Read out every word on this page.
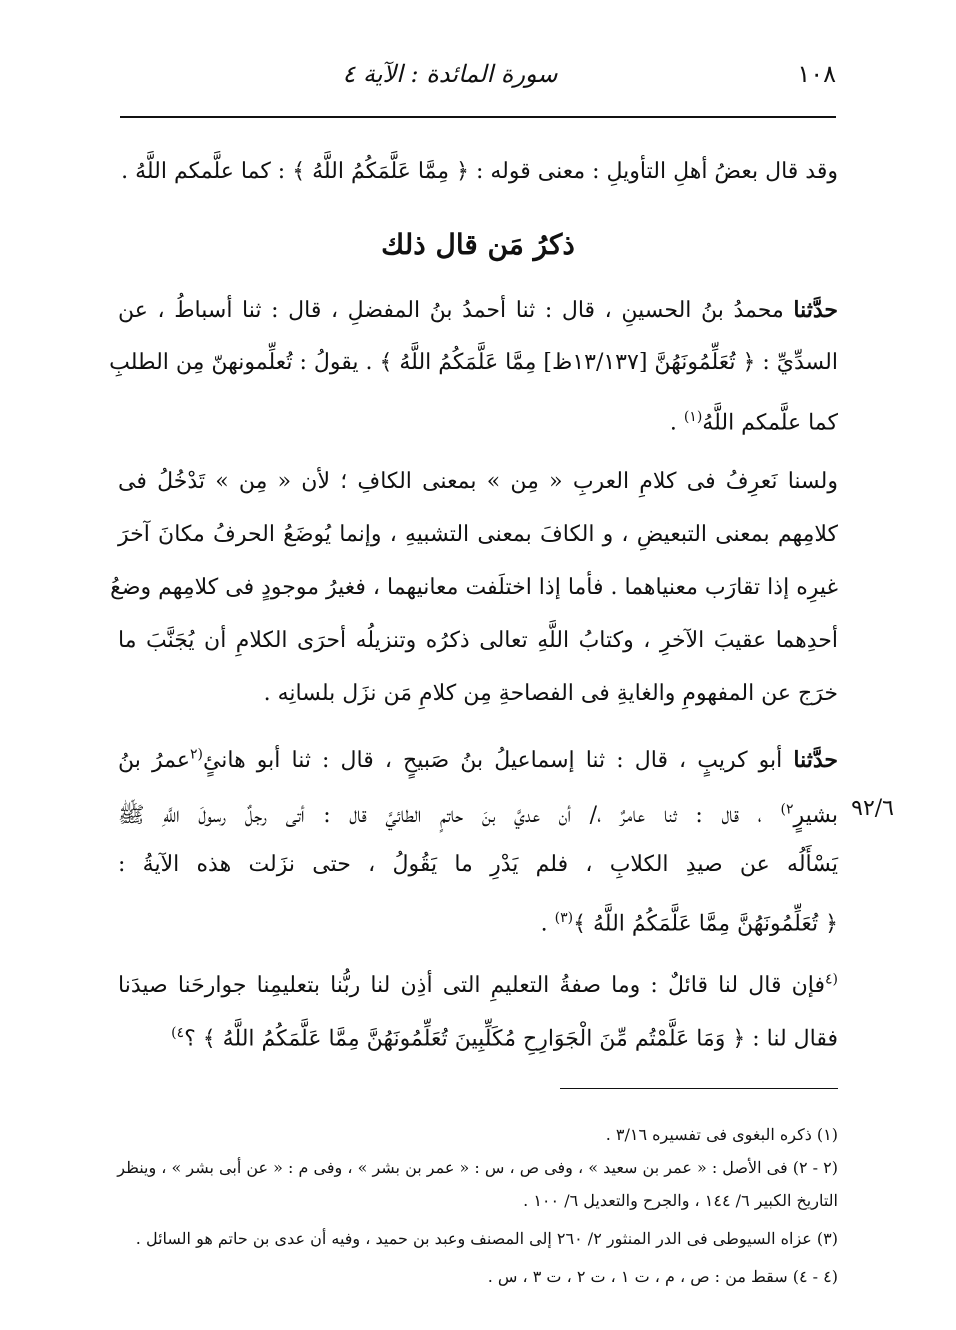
١٠٨
سورة المائدة : الآية ٤
وقد قال بعضُ أهلِ التأويلِ : معنى قوله : ﴿ مِمَّا عَلَّمَكُمُ اللَّهُ ﴾ : كما علَّمكم اللَّهُ .
ذكرُ مَن قال ذلك
حدَّثنا محمدُ بنُ الحسينِ ، قال : ثنا أحمدُ بنُ المفضلِ ، قال : ثنا أسباطُ ، عن
السدِّيِّ : ﴿ تُعَلِّمُونَهُنَّ [١٣/١٣٧ظ] مِمَّا عَلَّمَكُمُ اللَّهُ ﴾ . يقولُ : تُعلِّمونهنّ مِن الطلبِ
كما علَّمكم اللَّهُ$^{(١)}$ .
ولسنا نَعرِفُ فى كلامِ العربِ « مِن » بمعنى الكافِ ؛ لأن « مِن » تَدْخُلُ فى
كلامِهم بمعنى التبعيضِ ، و الكافَ بمعنى التشبيهِ ، وإنما يُوضَعُ الحرفُ مكانَ آخرَ
غيرِه إذا تقارَب معنياهما . فأما إذا اختلَفت معانيهما ، فغيرُ موجودٍ فى كلامِهم وضعُ
أحدِهما عقيبَ الآخرِ ، وكتابُ اللَّهِ تعالى ذكرُه وتنزيلُه أحرَى الكلامِ أن يُجَنَّبَ ما
خرَج عن المفهومِ والغايةِ فى الفصاحةِ مِن كلامِ مَن نزَل بلسانِه .
حدَّثنا أبو كريبٍ ، قال : ثنا إسماعيلُ بنُ صَبيحٍ ، قال : ثنا أبو هانئٍ$^{(٢}$عمرُ بنُ
٩٢/٦
بشيرٍ$^{٢)}$ ، قال : ثنا عامرٌ ،/ أن عديَّ بنَ حاتمٍ الطائيَّ قال : أتى رجلٌ رسولَ اللَّهِ ﷺ
يَسْأَلُه عن صيدِ الكلابِ ، فلم يَدْرِ ما يَقُولُ ، حتى نزَلت هذه الآيةُ :
﴿ تُعَلِّمُونَهُنَّ مِمَّا عَلَّمَكُمُ اللَّهُ ﴾$^{(٣)}$ .
$^{(٤}$فإن قال لنا قائلٌ : وما صفةُ التعليمِ التى أذِن لنا ربُّنا بتعليمِنا جوارحَنا صيدَنا
فقال لنا : ﴿ وَمَا عَلَّمْتُم مِّنَ الْجَوَارِحِ مُكَلِّبِينَ تُعَلِّمُونَهُنَّ مِمَّا عَلَّمَكُمُ اللَّهُ ﴾ ؟$^{٤)}$
(١) ذكره البغوى فى تفسيره ٣/١٦ .
(٢ - ٢) فى الأصل : « عمر بن سعيد » ، وفى ص ، س : « عمر بن بشر » ، وفى م : « عن أبى بشر » ، وينظر
التاريخ الكبير ٦/ ١٤٤ ، والجرح والتعديل ٦/ ١٠٠ .
(٣) عزاه السيوطى فى الدر المنثور ٢/ ٢٦٠ إلى المصنف وعبد بن حميد ، وفيه أن عدى بن حاتم هو السائل .
(٤ - ٤) سقط من : ص ، م ، ت ١ ، ت ٢ ، ت ٣ ، س .
